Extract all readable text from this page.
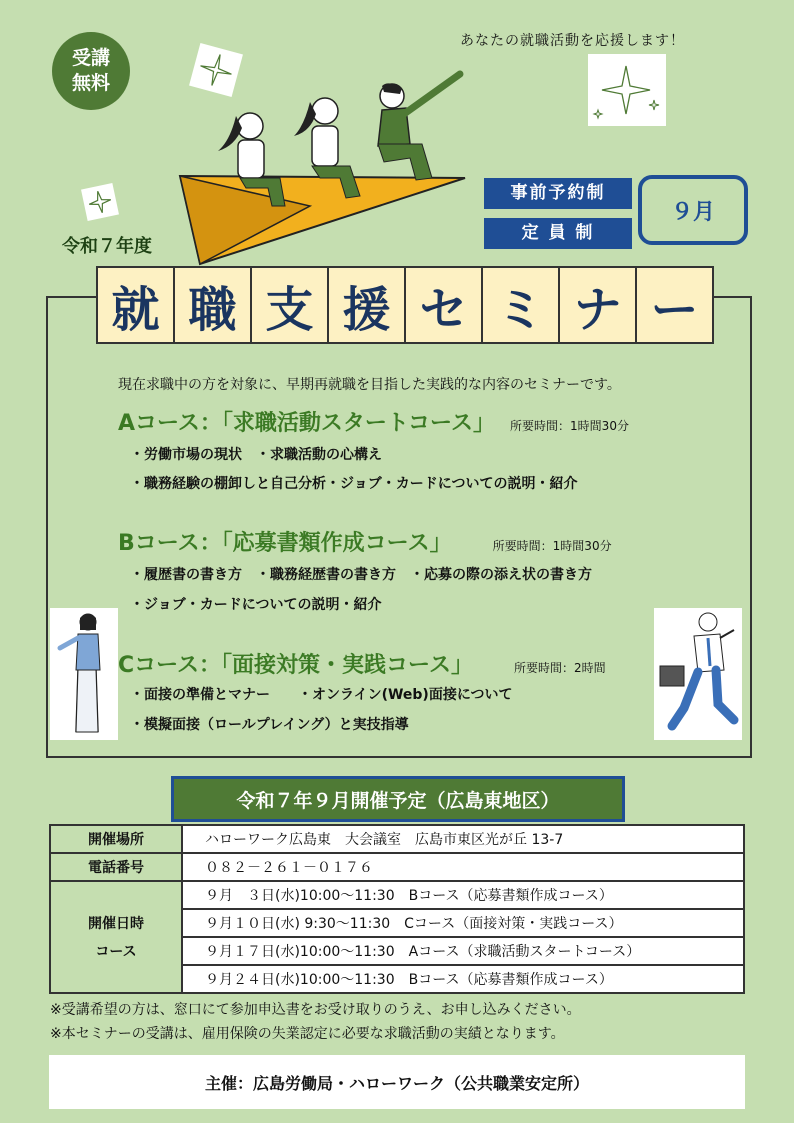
受講
無料
あなたの就職活動を応援します！
令和７年度
事前予約制
定 員 制
９月
就 職 支 援 セ ミ ナ ー
現在求職中の方を対象に、早期再就職を目指した実践的な内容のセミナーです。
Aコース：「求職活動スタートコース」 所要時間：1時間30分
・労働市場の現状　・求職活動の心構え
・職務経験の棚卸しと自己分析・ジョブ・カードについての説明・紹介
Bコース：「応募書類作成コース」	所要時間：1時間30分
・履歴書の書き方　・職務経歴書の書き方　・応募の際の添え状の書き方
・ジョブ・カードについての説明・紹介
Cコース：「面接対策・実践コース」	所要時間：2時間
・面接の準備とマナー　　・オンライン(Web)面接について
・模擬面接（ロールプレイング）と実技指導
令和７年９月開催予定（広島東地区）
開催場所	ハローワーク広島東　大会議室　広島市東区光が丘 13-7
電話番号	０８２－２６１－０１７６

開催日時
コース	９月　３日(水)10:00～11:30　Bコース（応募書類作成コース）
	９月１０日(水) 9:30～11:30　Cコース（面接対策・実践コース）
	９月１７日(水)10:00～11:30　Aコース（求職活動スタートコース）
	９月２４日(水)10:00～11:30　Bコース（応募書類作成コース）
※受講希望の方は、窓口にて参加申込書をお受け取りのうえ、お申し込みください。
※本セミナーの受講は、雇用保険の失業認定に必要な求職活動の実績となります。
主催：広島労働局・ハローワーク（公共職業安定所）
